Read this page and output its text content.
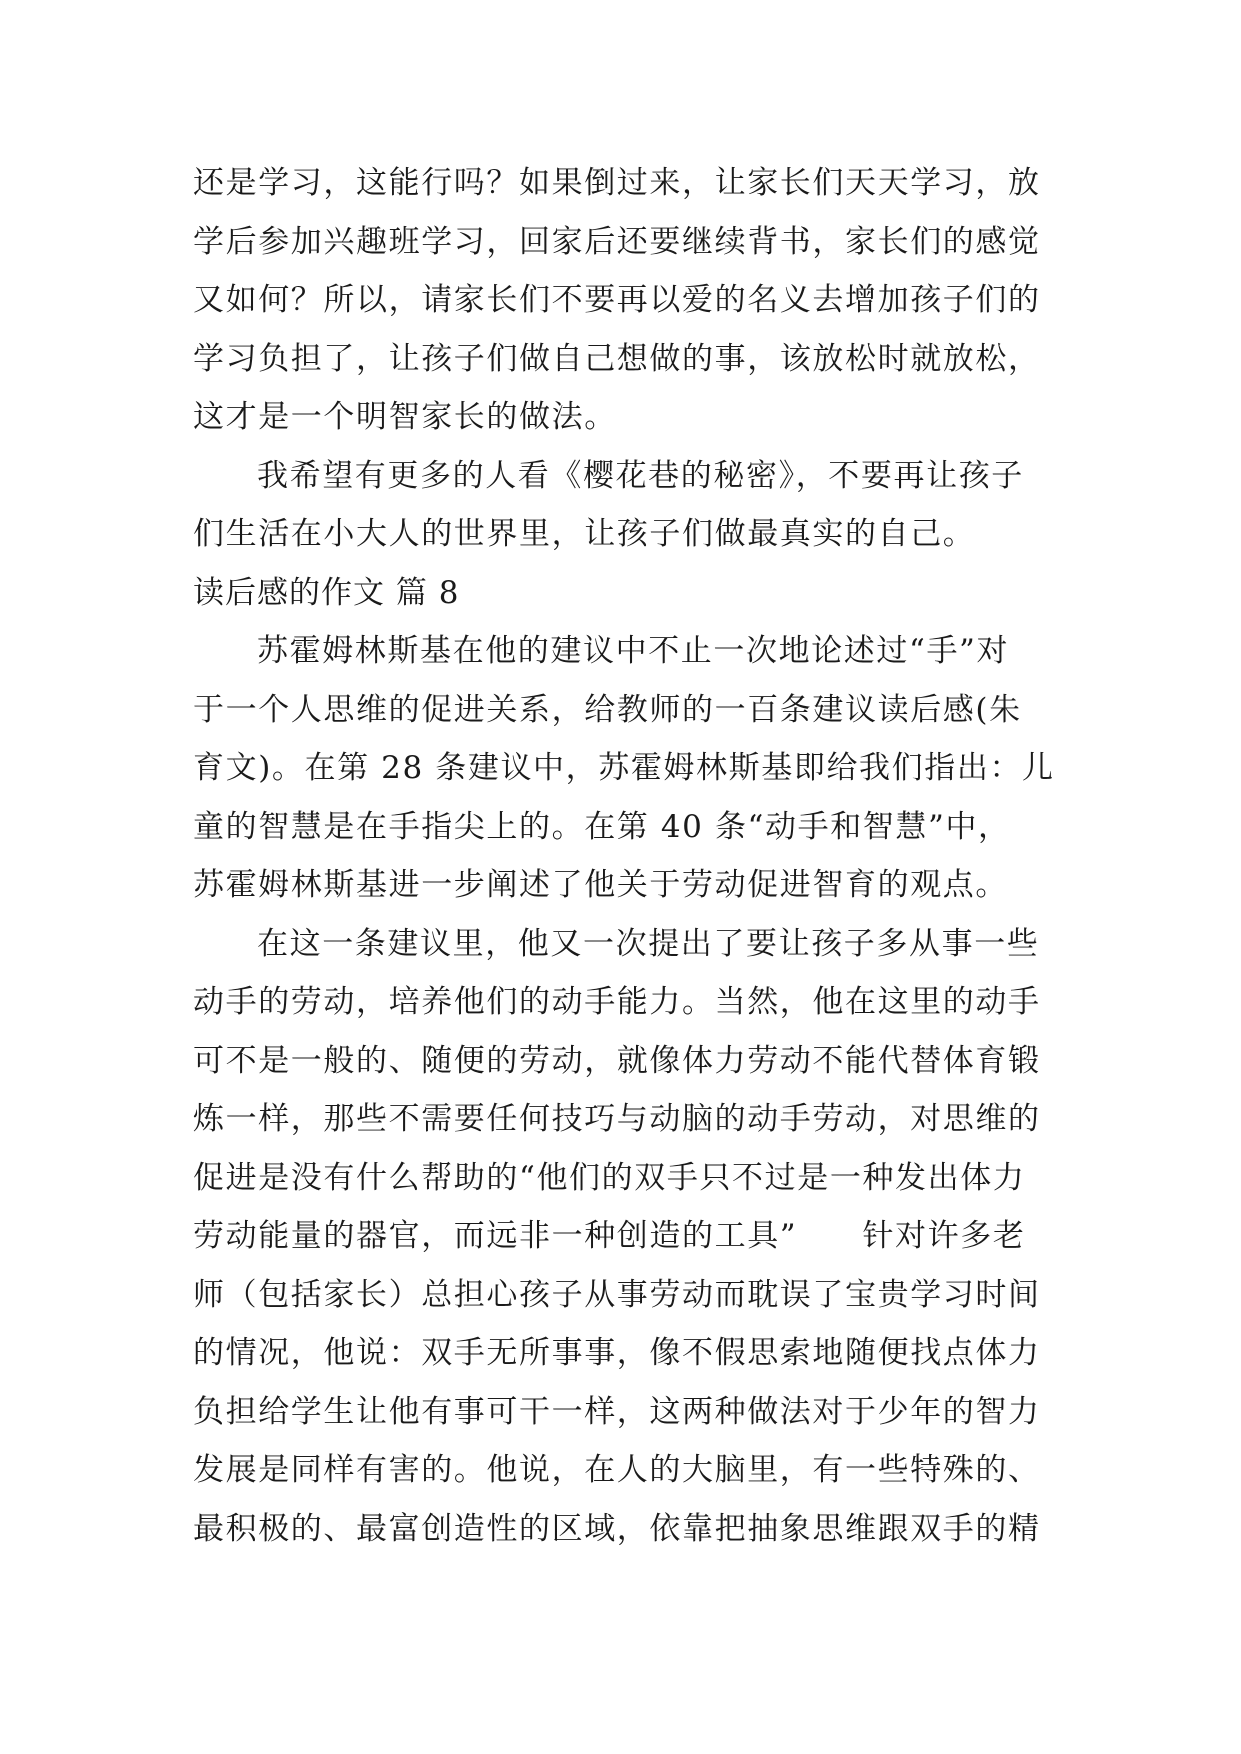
还是学习，这能行吗？如果倒过来，让家长们天天学习，放
学后参加兴趣班学习，回家后还要继续背书，家长们的感觉
又如何？所以，请家长们不要再以爱的名义去增加孩子们的
学习负担了，让孩子们做自己想做的事，该放松时就放松，
这才是一个明智家长的做法。
我希望有更多的人看《樱花巷的秘密》，不要再让孩子
们生活在小大人的世界里，让孩子们做最真实的自己。
读后感的作文 篇 8
苏霍姆林斯基在他的建议中不止一次地论述过“手”对
于一个人思维的促进关系，给教师的一百条建议读后感(朱
育文)。在第 28 条建议中，苏霍姆林斯基即给我们指出：儿
童的智慧是在手指尖上的。在第 40 条“动手和智慧”中，
苏霍姆林斯基进一步阐述了他关于劳动促进智育的观点。
在这一条建议里，他又一次提出了要让孩子多从事一些
动手的劳动，培养他们的动手能力。当然，他在这里的动手
可不是一般的、随便的劳动，就像体力劳动不能代替体育锻
炼一样，那些不需要任何技巧与动脑的动手劳动，对思维的
促进是没有什么帮助的“他们的双手只不过是一种发出体力
劳动能量的器官，而远非一种创造的工具”　　针对许多老
师（包括家长）总担心孩子从事劳动而耽误了宝贵学习时间
的情况，他说：双手无所事事，像不假思索地随便找点体力
负担给学生让他有事可干一样，这两种做法对于少年的智力
发展是同样有害的。他说，在人的大脑里，有一些特殊的、
最积极的、最富创造性的区域，依靠把抽象思维跟双手的精
